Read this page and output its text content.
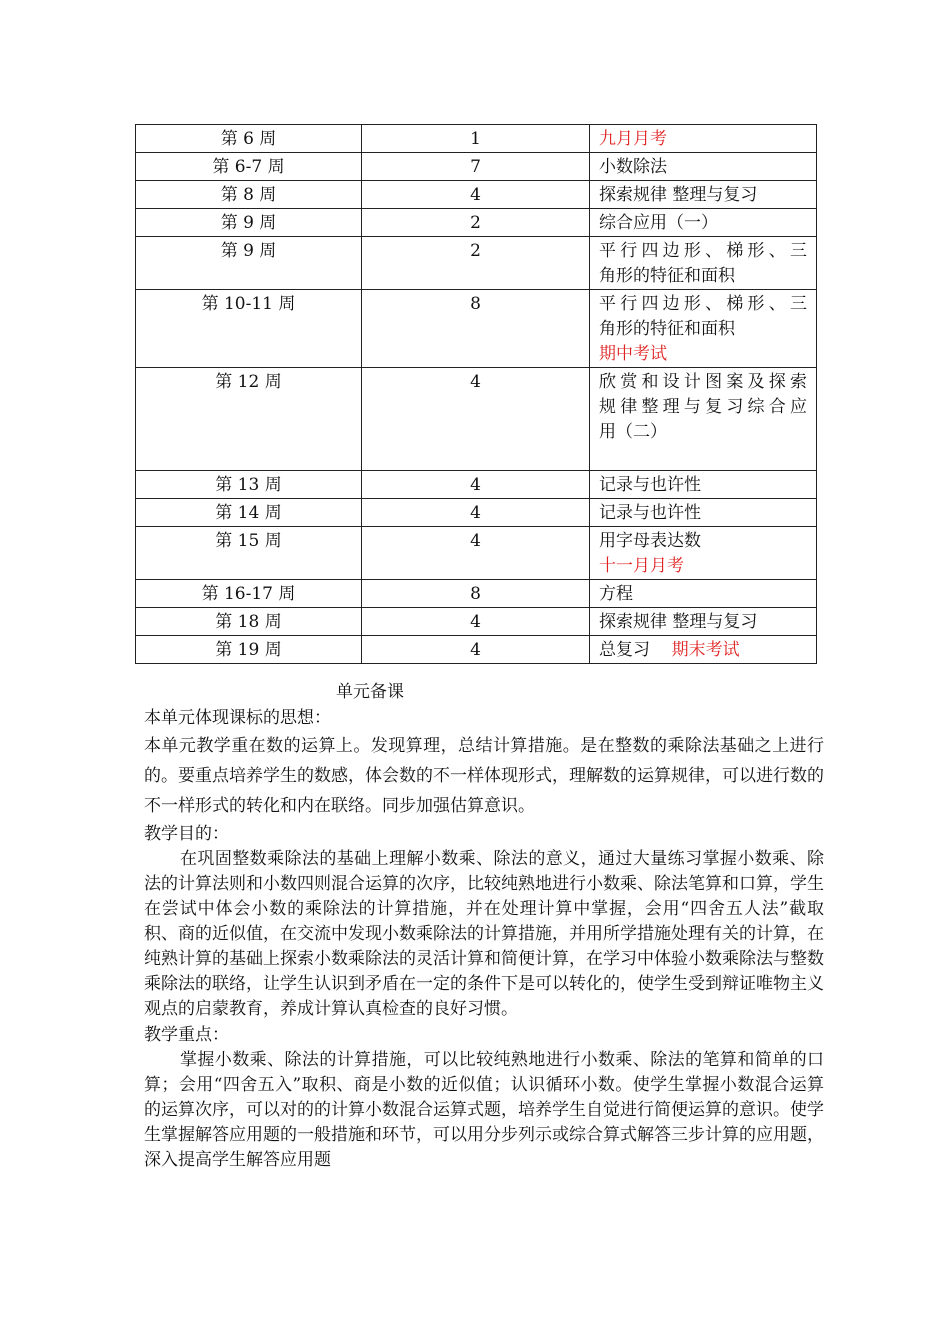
第 6 周	1	九月月考

第 6-7 周	7	小数除法

第 8 周	4	探索规律 整理与复习

第 9 周	2	综合应用（一）

第 9 周	2	平行四边形、梯形、三
角形的特征和面积

第 10-11 周	8	平行四边形、梯形、三
角形的特征和面积
期中考试

第 12 周	4	欣赏和设计图案及探索
规律整理与复习综合应
用（二）

第 13 周	4	记录与也许性

第 14 周	4	记录与也许性

第 15 周	4	用字母表达数
十一月月考

第 16-17 周	8	方程

第 18 周	4	探索规律 整理与复习

第 19 周	4	总复习    期末考试
单元备课
本单元体现课标的思想：
本单元教学重在数的运算上。发现算理，总结计算措施。是在整数的乘除法基础之上进行的。要重点培养学生的数感，体会数的不一样体现形式，理解数的运算规律，可以进行数的不一样形式的转化和内在联络。同步加强估算意识。
教学目的：
在巩固整数乘除法的基础上理解小数乘、除法的意义，通过大量练习掌握小数乘、除法的计算法则和小数四则混合运算的次序，比较纯熟地进行小数乘、除法笔算和口算，学生在尝试中体会小数的乘除法的计算措施，并在处理计算中掌握，会用“四舍五人法”截取积、商的近似值，在交流中发现小数乘除法的计算措施，并用所学措施处理有关的计算，在纯熟计算的基础上探索小数乘除法的灵活计算和简便计算，在学习中体验小数乘除法与整数乘除法的联络，让学生认识到矛盾在一定的条件下是可以转化的，使学生受到辩证唯物主义观点的启蒙教育，养成计算认真检查的良好习惯。
教学重点：
掌握小数乘、除法的计算措施，可以比较纯熟地进行小数乘、除法的笔算和简单的口算；会用“四舍五入”取积、商是小数的近似值；认识循环小数。使学生掌握小数混合运算的运算次序，可以对的的计算小数混合运算式题，培养学生自觉进行简便运算的意识。使学生掌握解答应用题的一般措施和环节，可以用分步列示或综合算式解答三步计算的应用题，深入提高学生解答应用题
